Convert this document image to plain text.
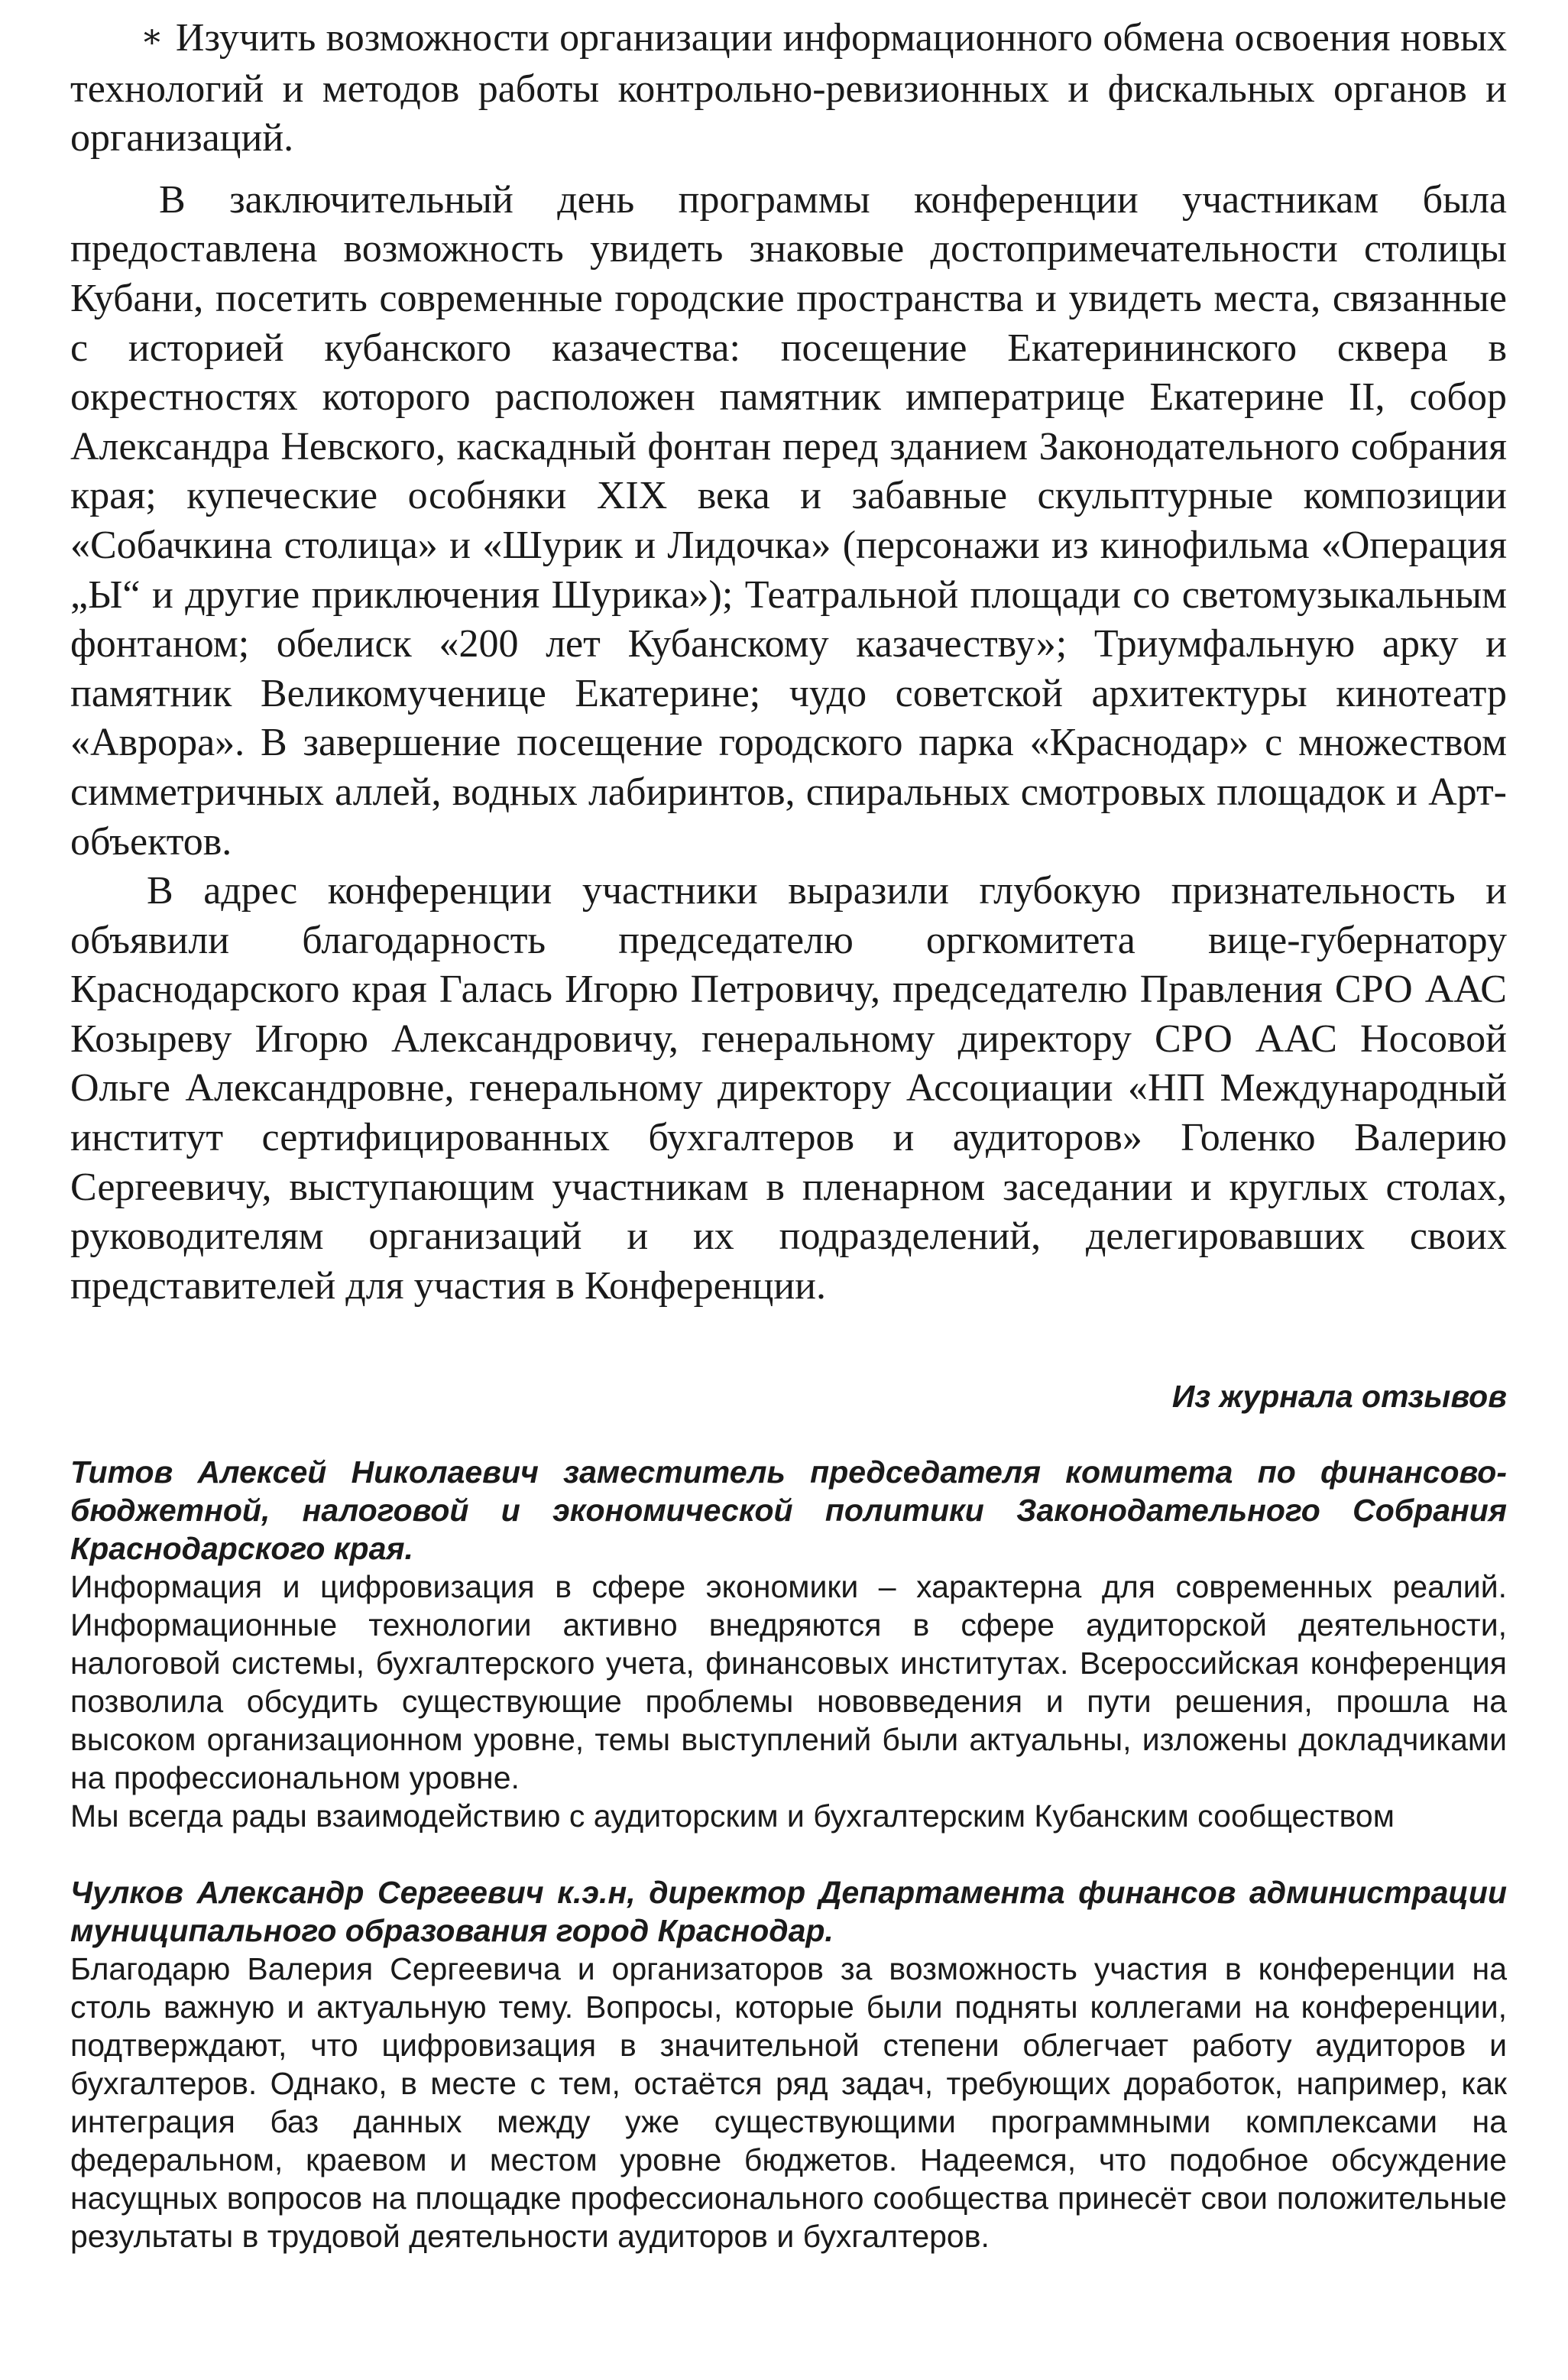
∗ Изучить возможности организации информационного обмена освоения новых технологий и методов работы контрольно-ревизионных и фискальных органов и организаций.

В заключительный день программы конференции участникам была предоставлена возможность увидеть знаковые достопримечательности столицы Кубани, посетить современные городские пространства и увидеть места, связанные с историей кубанского казачества: посещение Екатерининского сквера в окрестностях которого расположен памятник императрице Екатерине II, собор Александра Невского, каскадный фонтан перед зданием Законодательного собрания края; купеческие особняки XIX века и забавные скульптурные композиции «Собачкина столица» и «Шурик и Лидочка» (персонажи из кинофильма «Операция „Ы“ и другие приключения Шурика»); Театральной площади со светомузыкальным фонтаном; обелиск «200 лет Кубанскому казачеству»; Триумфальную арку и памятник Великомученице Екатерине; чудо советской архитектуры кинотеатр «Аврора». В завершение посещение городского парка «Краснодар» с множеством симметричных аллей, водных лабиринтов, спиральных смотровых площадок и Арт-объектов.

В адрес конференции участники выразили глубокую признательность и объявили благодарность председателю оргкомитета вице-губернатору Краснодарского края Галась Игорю Петровичу, председателю Правления СРО ААС Козыреву Игорю Александровичу, генеральному директору СРО ААС Носовой Ольге Александровне, генеральному директору Ассоциации «НП Международный институт сертифицированных бухгалтеров и аудиторов» Голенко Валерию Сергеевичу, выступающим участникам в пленарном заседании и круглых столах, руководителям организаций и их подразделений, делегировавших своих представителей для участия в Конференции.

Из журнала отзывов

Титов Алексей Николаевич заместитель председателя комитета по финансово-бюджетной, налоговой и экономической политики Законодательного Собрания Краснодарского края.

Информация и цифровизация в сфере экономики – характерна для современных реалий. Информационные технологии активно внедряются в сфере аудиторской деятельности, налоговой системы, бухгалтерского учета, финансовых институтах. Всероссийская конференция позволила обсудить существующие проблемы нововведения и пути решения, прошла на высоком организационном уровне, темы выступлений были актуальны, изложены докладчиками на профессиональном уровне.

Мы всегда рады взаимодействию с аудиторским и бухгалтерским Кубанским сообществом

Чулков Александр Сергеевич к.э.н, директор Департамента финансов администрации муниципального образования город Краснодар.

Благодарю Валерия Сергеевича и организаторов за возможность участия в конференции на столь важную и актуальную тему. Вопросы, которые были подняты коллегами на конференции, подтверждают, что цифровизация в значительной степени облегчает работу аудиторов и бухгалтеров. Однако, в месте с тем, остаётся ряд задач, требующих доработок, например, как интеграция баз данных между уже существующими программными комплексами на федеральном, краевом и местом уровне бюджетов. Надеемся, что подобное обсуждение насущных вопросов на площадке профессионального сообщества принесёт свои положительные результаты в трудовой деятельности аудиторов и бухгалтеров.
